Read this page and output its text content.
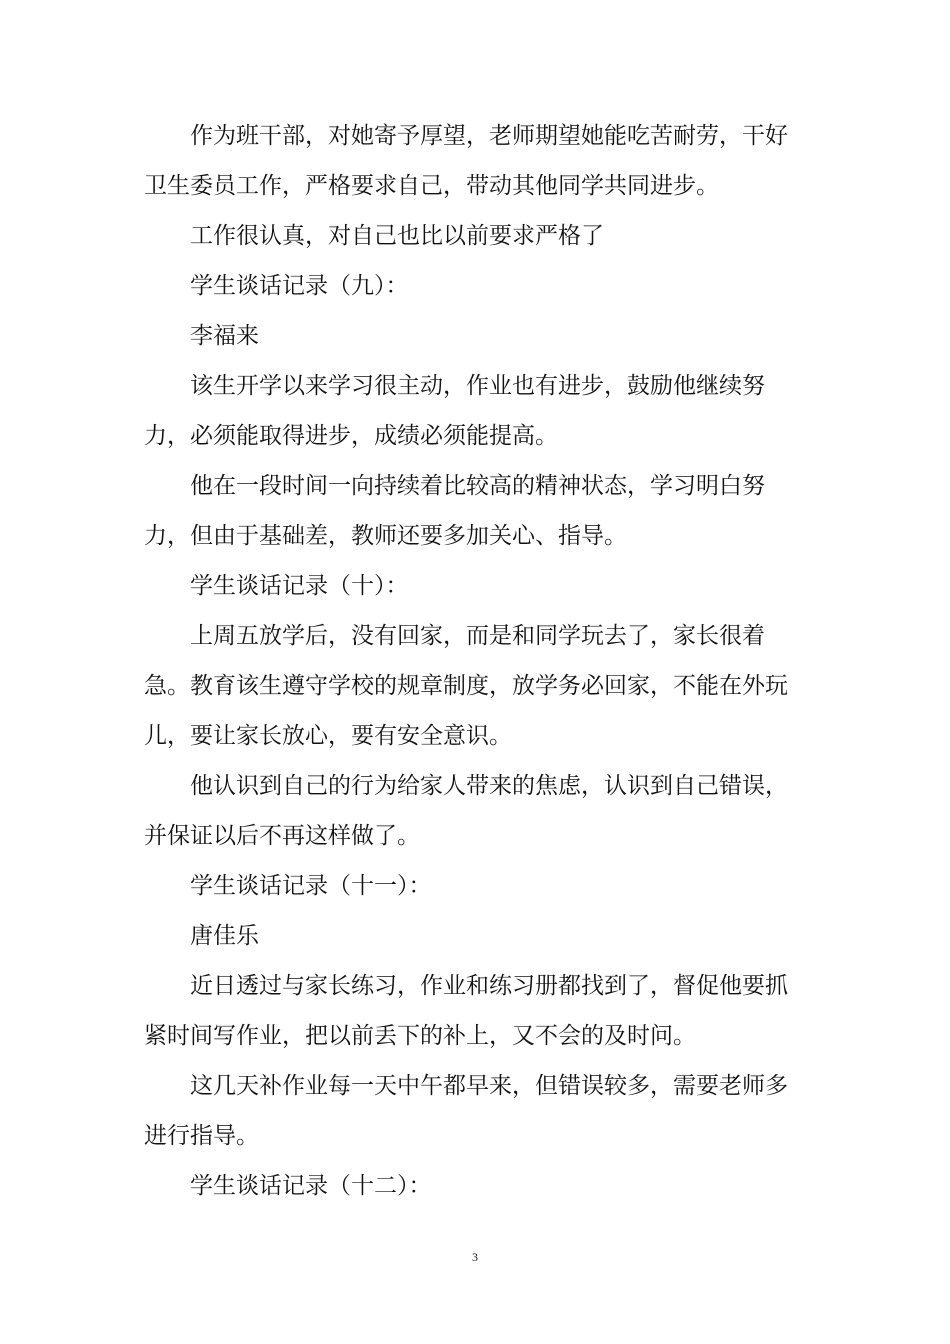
作为班干部，对她寄予厚望，老师期望她能吃苦耐劳，干好卫生委员工作，严格要求自己，带动其他同学共同进步。

工作很认真，对自己也比以前要求严格了

学生谈话记录（九）：

李福来

该生开学以来学习很主动，作业也有进步，鼓励他继续努力，必须能取得进步，成绩必须能提高。

他在一段时间一向持续着比较高的精神状态，学习明白努力，但由于基础差，教师还要多加关心、指导。

学生谈话记录（十）：

上周五放学后，没有回家，而是和同学玩去了，家长很着急。教育该生遵守学校的规章制度，放学务必回家，不能在外玩儿，要让家长放心，要有安全意识。

他认识到自己的行为给家人带来的焦虑，认识到自己错误，并保证以后不再这样做了。

学生谈话记录（十一）：

唐佳乐

近日透过与家长练习，作业和练习册都找到了，督促他要抓紧时间写作业，把以前丢下的补上，又不会的及时问。

这几天补作业每一天中午都早来，但错误较多，需要老师多进行指导。

学生谈话记录（十二）：

3
